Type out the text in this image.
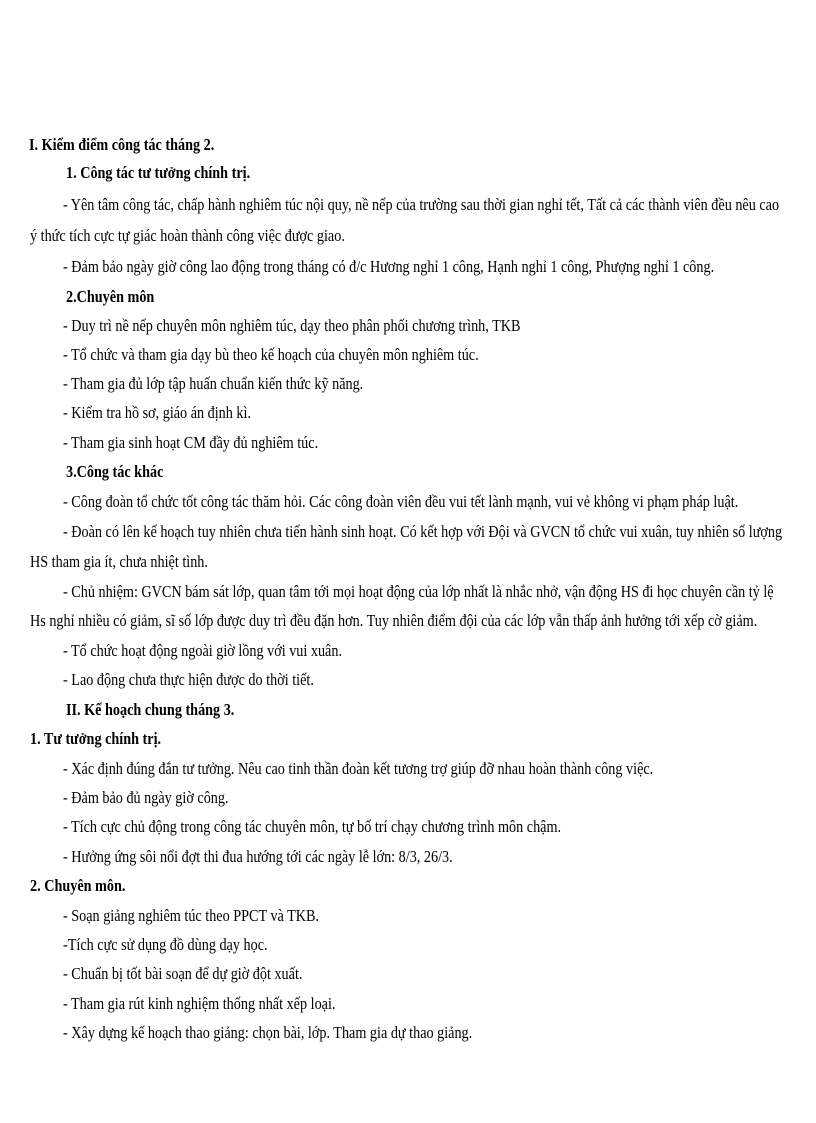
I. Kiểm điểm công tác tháng 2.
1. Công tác tư tưởng chính trị.
- Yên tâm công tác, chấp hành nghiêm túc nội quy, nề nếp của trường sau thời gian nghỉ tết, Tất cả các thành viên đều nêu cao
ý thức tích cực tự giác hoàn thành công việc được giao.
- Đảm bảo ngày giờ công lao động trong tháng có đ/c Hương nghỉ 1 công, Hạnh nghỉ 1 công, Phượng nghỉ 1 công.
2.Chuyên môn
- Duy trì nề nếp chuyên môn nghiêm túc, dạy theo phân phối chương trình, TKB
- Tổ chức và tham gia dạy bù theo kế hoạch của chuyên môn nghiêm túc.
- Tham gia đủ lớp tập huấn chuẩn kiến thức kỹ năng.
- Kiểm tra hồ sơ, giáo án định kì.
- Tham gia sinh hoạt CM đầy đủ nghiêm túc.
3.Công tác khác
- Công đoàn tổ chức tốt công tác thăm hỏi. Các công đoàn viên đều vui tết lành mạnh, vui vẻ không vi phạm pháp luật.
- Đoàn có lên kế hoạch tuy nhiên chưa tiến hành sinh hoạt. Có kết hợp với Đội và GVCN tổ chức vui xuân, tuy nhiên số lượng
HS tham gia ít, chưa nhiệt tình.
- Chủ nhiệm: GVCN bám sát lớp, quan tâm tới mọi hoạt động của lớp nhất là nhắc nhở, vận động HS đi học chuyên cần tỷ lệ
Hs nghỉ nhiều có giảm, sĩ số lớp được duy trì đều đặn hơn. Tuy nhiên điểm đội của các lớp vẫn thấp ảnh hưởng tới xếp cờ giảm.
- Tổ chức hoạt động ngoài giờ lồng với vui xuân.
- Lao động chưa thực hiện được do thời tiết.
II. Kế hoạch chung tháng 3.
1. Tư tưởng chính trị.
- Xác định đúng đắn tư tưởng. Nêu cao tinh thần đoàn kết tương trợ giúp đỡ nhau hoàn thành công việc.
- Đảm bảo đủ ngày giờ công.
- Tích cực chủ động trong công tác chuyên môn, tự bố trí chạy chương trình môn chậm.
- Hưởng ứng sôi nổi đợt thi đua hướng tới các ngày lễ lớn: 8/3, 26/3.
2. Chuyên môn.
- Soạn giảng nghiêm túc theo PPCT và TKB.
-Tích cực sử dụng đồ dùng dạy học.
- Chuẩn bị tốt bài soạn để dự giờ đột xuất.
- Tham gia rút kinh nghiệm thống nhất xếp loại.
- Xây dựng kế hoạch thao giảng: chọn bài, lớp. Tham gia dự thao giảng.
